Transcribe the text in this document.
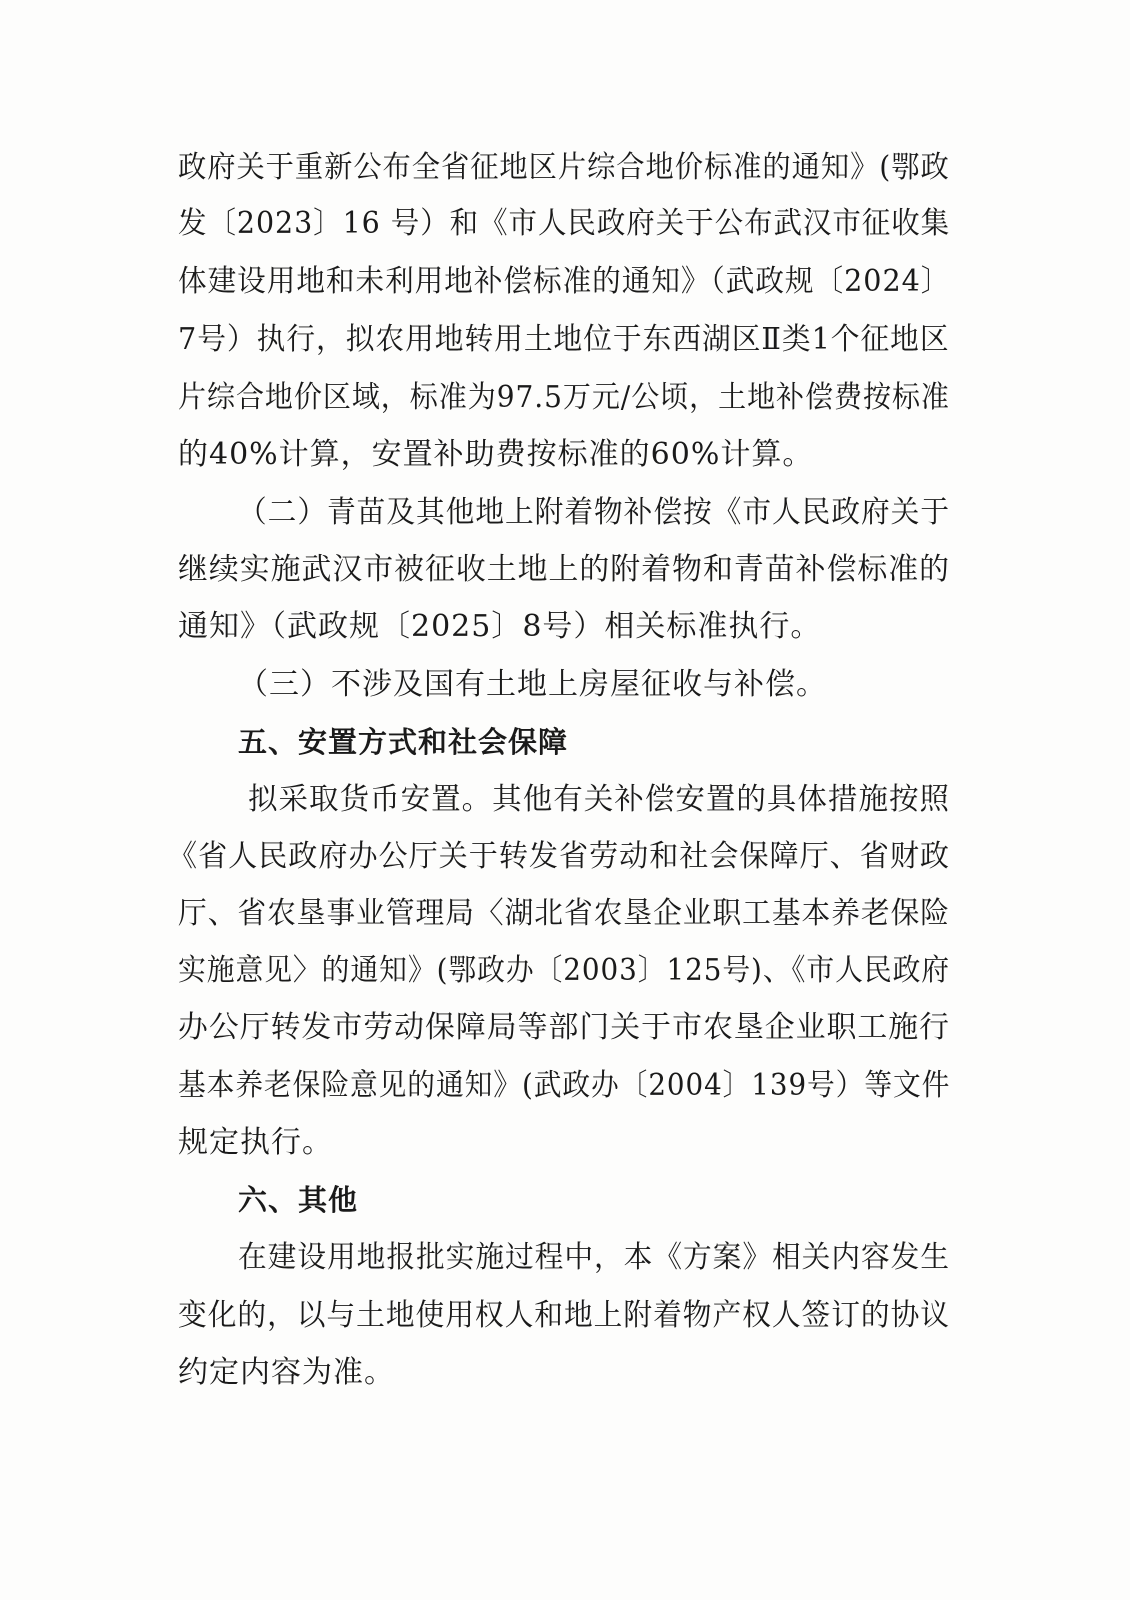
政府关于重新公布全省征地区片综合地价标准的通知》(鄂政
发〔2023〕16 号）和《市人民政府关于公布武汉市征收集
体建设用地和未利用地补偿标准的通知》（武政规〔2024〕
7号）执行，拟农用地转用土地位于东西湖区Ⅱ类1个征地区
片综合地价区域，标准为97.5万元/公顷，土地补偿费按标准
的40%计算，安置补助费按标准的60%计算。
（二）青苗及其他地上附着物补偿按《市人民政府关于
继续实施武汉市被征收土地上的附着物和青苗补偿标准的
通知》（武政规〔2025〕8号）相关标准执行。
（三）不涉及国有土地上房屋征收与补偿。
五、安置方式和社会保障
拟采取货币安置。其他有关补偿安置的具体措施按照
《省人民政府办公厅关于转发省劳动和社会保障厅、省财政
厅、省农垦事业管理局〈湖北省农垦企业职工基本养老保险
实施意见〉的通知》(鄂政办〔2003〕125号)、《市人民政府
办公厅转发市劳动保障局等部门关于市农垦企业职工施行
基本养老保险意见的通知》(武政办〔2004〕139号）等文件
规定执行。
六、其他
在建设用地报批实施过程中，本《方案》相关内容发生
变化的，以与土地使用权人和地上附着物产权人签订的协议
约定内容为准。
